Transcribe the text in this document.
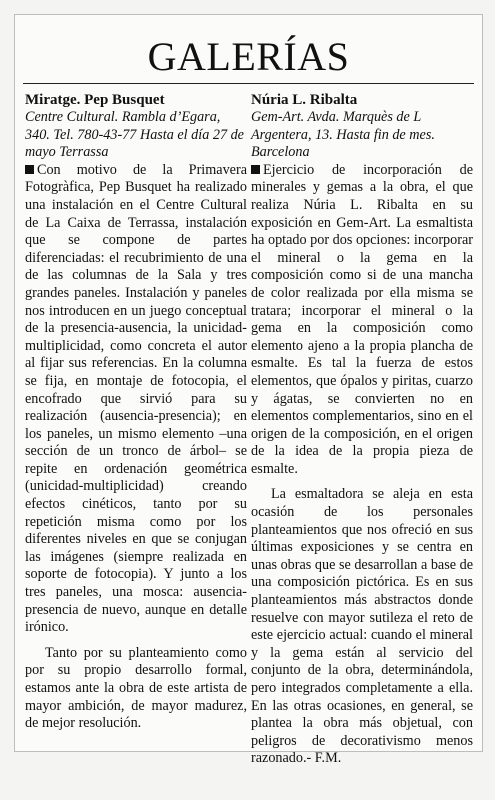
GALERÍAS
Miratge. Pep Busquet
Centre Cultural. Rambla d’Egara, 340. Tel. 780-43-77 Hasta el día 27 de mayo Terrassa

Con motivo de la Primavera Fotogràfica, Pep Busquet ha realizado una instalación en el Centre Cultural de La Caixa de Terrassa, instalación que se compone de partes diferenciadas: el recubrimiento de una de las columnas de la Sala y tres grandes paneles. Instalación y paneles nos introducen en un juego conceptual de la presencia-ausencia, la unicidad-multiplicidad, como concreta el autor al fijar sus referencias. En la columna se fija, en montaje de fotocopia, el encofrado que sirvió para su realización (ausencia-presencia); en los paneles, un mismo elemento –una sección de un tronco de árbol– se repite en ordenación geométrica (unicidad-multiplicidad) creando efectos cinéticos, tanto por su repetición misma como por los diferentes niveles en que se conjugan las imágenes (siempre realizada en soporte de fotocopia). Y junto a los tres paneles, una mosca: ausencia-presencia de nuevo, aunque en detalle irónico.

Tanto por su planteamiento como por su propio desarrollo formal, estamos ante la obra de este artista de mayor ambición, de mayor madurez, de mejor resolución.

Núria L. Ribalta
Gem-Art. Avda. Marquès de L Argentera, 13. Hasta fin de mes. Barcelona

Ejercicio de incorporación de minerales y gemas a la obra, el que realiza Núria L. Ribalta en su exposición en Gem-Art. La esmaltista ha optado por dos opciones: incorporar el mineral o la gema en la composición como si de una mancha de color realizada por ella misma se tratara; incorporar el mineral o la gema en la composición como elemento ajeno a la propia plancha de esmalte. Es tal la fuerza de estos elementos, que ópalos y piritas, cuarzo y ágatas, se convierten no en elementos complementarios, sino en el origen de la composición, en el origen de la idea de la propia pieza de esmalte.

La esmaltadora se aleja en esta ocasión de los personales planteamientos que nos ofreció en sus últimas exposiciones y se centra en unas obras que se desarrollan a base de una composición pictórica. Es en sus planteamientos más abstractos donde resuelve con mayor sutileza el reto de este ejercicio actual: cuando el mineral y la gema están al servicio del conjunto de la obra, determinándola, pero integrados completamente a ella. En las otras ocasiones, en general, se plantea la obra más objetual, con peligros de decorativismo menos razonado.- F.M.
